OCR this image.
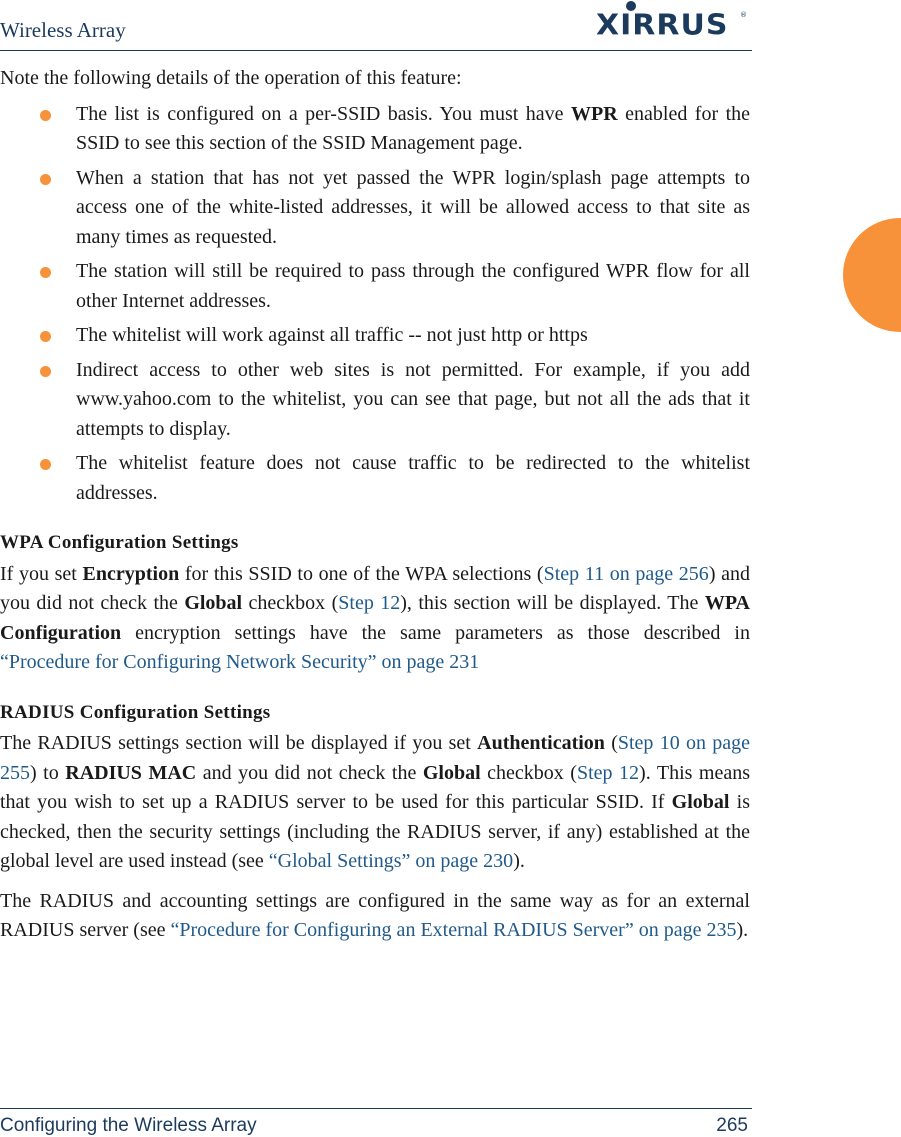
Wireless Array	XIRRUS ®

Note the following details of the operation of this feature:

The list is configured on a per-SSID basis. You must have WPR enabled for the SSID to see this section of the SSID Management page.
When a station that has not yet passed the WPR login/splash page attempts to access one of the white-listed addresses, it will be allowed access to that site as many times as requested.
The station will still be required to pass through the configured WPR flow for all other Internet addresses.
The whitelist will work against all traffic -- not just http or https
Indirect access to other web sites is not permitted. For example, if you add www.yahoo.com to the whitelist, you can see that page, but not all the ads that it attempts to display.
The whitelist feature does not cause traffic to be redirected to the whitelist addresses.
WPA Configuration Settings

If you set Encryption for this SSID to one of the WPA selections (Step 11 on page 256) and you did not check the Global checkbox (Step 12), this section will be displayed. The WPA Configuration encryption settings have the same parameters as those described in “Procedure for Configuring Network Security” on page 231

RADIUS Configuration Settings

The RADIUS settings section will be displayed if you set Authentication (Step 10 on page 255) to RADIUS MAC and you did not check the Global checkbox (Step 12). This means that you wish to set up a RADIUS server to be used for this particular SSID. If Global is checked, then the security settings (including the RADIUS server, if any) established at the global level are used instead (see “Global Settings” on page 230).

The RADIUS and accounting settings are configured in the same way as for an external RADIUS server (see “Procedure for Configuring an External RADIUS Server” on page 235).

Configuring the Wireless Array	265
